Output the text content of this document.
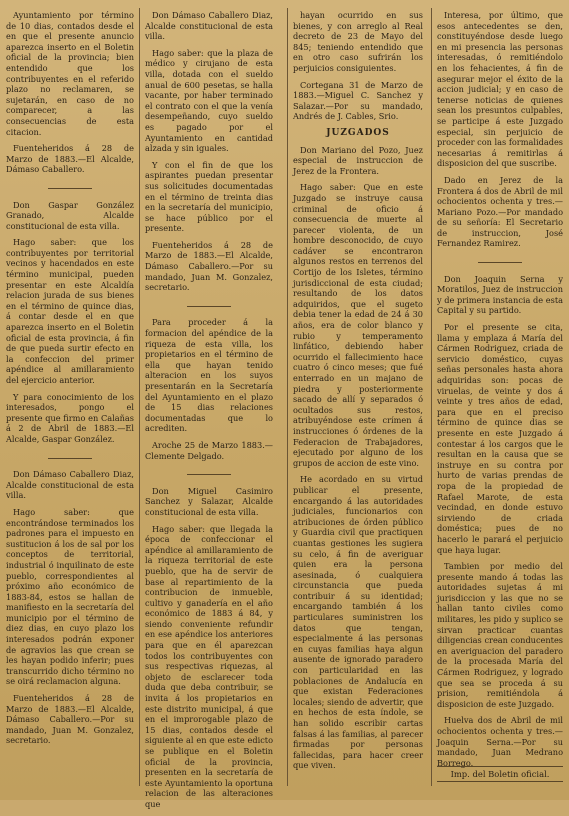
Ayuntamiento por término de 10 dias, contados desde el en que el presente anuncio aparezca inserto en el Boletin oficial de la provincia; bien entendido que los contribuyentes en el referido plazo no reclamaren, se sujetarán, en caso de no comparecer, a las consecuencias de esta citacion.

Fuenteheridos á 28 de Marzo de 1883.—El Alcalde, Dámaso Caballero.

Don Gaspar González Granado, Alcalde constitucional de esta villa.

Hago saber: que los contribuyentes por territorial vecinos y hacendados en este término municipal, pueden presentar en este Alcaldía relacion jurada de sus bienes en el término de quince dias, á contar desde el en que aparezca inserto en el Boletin oficial de esta provincia, á fin de que pueda surtir efecto en la confeccion del primer apéndice al amillaramiento del ejercicio anterior.

Y para conocimiento de los interesados, pongo el presente que firmo en Calañas á 2 de Abril de 1883.—El Alcalde, Gaspar González.

Don Dámaso Caballero Diaz, Alcalde constitucional de esta villa.

Hago saber: que encontrándose terminados los padrones para el impuesto en sustitucion á los de sal por los conceptos de territorial, industrial ó inquilinato de este pueblo, correspondientes al próximo año económico de 1883-84, estos se hallan de manifiesto en la secretaría del municipio por el término de diez dias, en cuyo plazo los interesados podrán exponer de agravios las que crean se les hayan podido inferir; pues transcurrido dicho término no se oirá reclamacion alguna.

Fuenteheridos á 28 de Marzo de 1883.—El Alcalde, Dámaso Caballero.—Por su mandado, Juan M. Gonzalez, secretario.

Don Dámaso Caballero Diaz, Alcalde constitucional de esta villa.

Hago saber: que la plaza de médico y cirujano de esta villa, dotada con el sueldo anual de 600 pesetas, se halla vacante, por haber terminado el contrato con el que la venía desempeñando, cuyo sueldo es pagado por el Ayuntamiento en cantidad alzada y sin iguales.

Y con el fin de que los aspirantes puedan presentar sus solicitudes documentadas en el término de treinta dias en la secretaría del municipio, se hace público por el presente.

Fuenteheridos á 28 de Marzo de 1883.—El Alcalde, Dámaso Caballero.—Por su mandado, Juan M. Gonzalez, secretario.

Para proceder á la formacion del apéndice de la riqueza de esta villa, los propietarios en el término de ella que hayan tenido alteracion en los suyos presentarán en la Secretaría del Ayuntamiento en el plazo de 15 dias relaciones documentadas que lo acrediten.

Aroche 25 de Marzo 1883.—Clemente Delgado.

Don Miguel Casimiro Sanchez y Salazar, Alcalde constitucional de esta villa.

Hago saber: que llegada la época de confeccionar el apéndice al amillaramiento de la riqueza territorial de este pueblo, que ha de servir de base al repartimiento de la contribucion de inmueble, cultivo y ganadería en el año económico de 1883 á 84, y siendo conveniente refundir en ese apéndice los anteriores para que en él aparezcan todos los contribuyentes con sus respectivas riquezas, al objeto de esclarecer toda duda que deba contribuir, se invita á los propietarios en este distrito municipal, á que en el improrogable plazo de 15 dias, contados desde el siguiente al en que este edicto se publique en el Boletin oficial de la provincia, presenten en la secretaría de este Ayuntamiento la oportuna relacion de las alteraciones que

hayan ocurrido en sus bienes, y con arreglo al Real decreto de 23 de Mayo del 845; teniendo entendido que en otro caso sufrirán los perjuicios consiguientes.

Cortegana 31 de Marzo de 1883.—Miguel C. Sanchez y Salazar.—Por su mandado, Andrés de J. Cables, Srio.

JUZGADOS

Don Mariano del Pozo, Juez especial de instruccion de Jerez de la Frontera.

Hago saber: Que en este Juzgado se instruye causa criminal de oficio á consecuencia de muerte al parecer violenta, de un hombre desconocido, de cuyo cadáver se encontraron algunos restos en terrenos del Cortijo de los Isletes, término jurisdiccional de esta ciudad; resultando de los datos adquiridos, que el sugeto debia tener la edad de 24 á 30 años, era de color blanco y rubio y temperamento linfático, debiendo haber ocurrido el fallecimiento hace cuatro ó cinco meses; que fué enterrado en un majano de piedra y posteriormente sacado de allí y separados ó ocultados sus restos, atribuyéndose este crímen á instrucciones ó órdenes de la Federacion de Trabajadores, ejecutado por alguno de los grupos de accion de este vino.

He acordado en su virtud publicar el presente, encargando á las autoridades judiciales, funcionarios con atribuciones de órden público y Guardia civil que practiquen cuantas gestiones les sugiera su celo, á fin de averiguar quien era la persona asesinada, ó cualquiera circunstancia que pueda contribuir á su identidad; encargando también á los particulares suministren los datos que tengan, especialmente á las personas en cuyas familias haya algun ausente de ignorado paradero con particularidad en las poblaciones de Andalucía en que existan Federaciones locales; siendo de advertir, que en hechos de esta índole, se han solido escribir cartas falsas á las familias, al parecer firmadas por personas fallecidas, para hacer creer que viven.

Interesa, por último, que esos antecedentes se den, constituyéndose desde luego en mi presencia las personas interesadas, ó remitiéndolo en los fehacientes, á fin de asegurar mejor el éxito de la accion judicial; y en caso de tenerse noticias de quienes sean los presuntos culpables, se participe á este Juzgado especial, sin perjuicio de proceder con las formalidades necesarias á remitirlas á disposicion del que suscribe.

Dado en Jerez de la Frontera á dos de Abril de mil ochocientos ochenta y tres.—Mariano Pozo.—Por mandado de su señoría: El Secretario de instruccion, José Fernandez Ramirez.

Don Joaquin Serna y Moratilos, Juez de instruccion y de primera instancia de esta Capital y su partido.

Por el presente se cita, llama y emplaza á María del Cármen Rodriguez, criada de servicio doméstico, cuyas señas personales hasta ahora adquiridas son: pocas de viruelas, de veinte y dos á veinte y tres años de edad, para que en el preciso término de quince dias se presente en este Juzgado á contestar á los cargos que le resultan en la causa que se instruye en su contra por hurto de varias prendas de ropa de la propiedad de Rafael Marote, de esta vecindad, en donde estuvo sirviendo de criada doméstica; pues de no hacerlo le parará el perjuicio que haya lugar.

Tambien por medio del presente mando á todas las autoridades sujetas á mi jurisdiccion y las que no se hallan tanto civiles como militares, les pido y suplico se sirvan practicar cuantas diligencias crean conducentes en averiguacion del paradero de la procesada María del Cármen Rodriguez, y logrado que sea se proceda á su prision, remitiéndola á disposicion de este Juzgado.

Huelva dos de Abril de mil ochocientos ochenta y tres.—Joaquin Serna.—Por su mandado, Juan Medrano Borrego.

Imp. del Boletin oficial.
